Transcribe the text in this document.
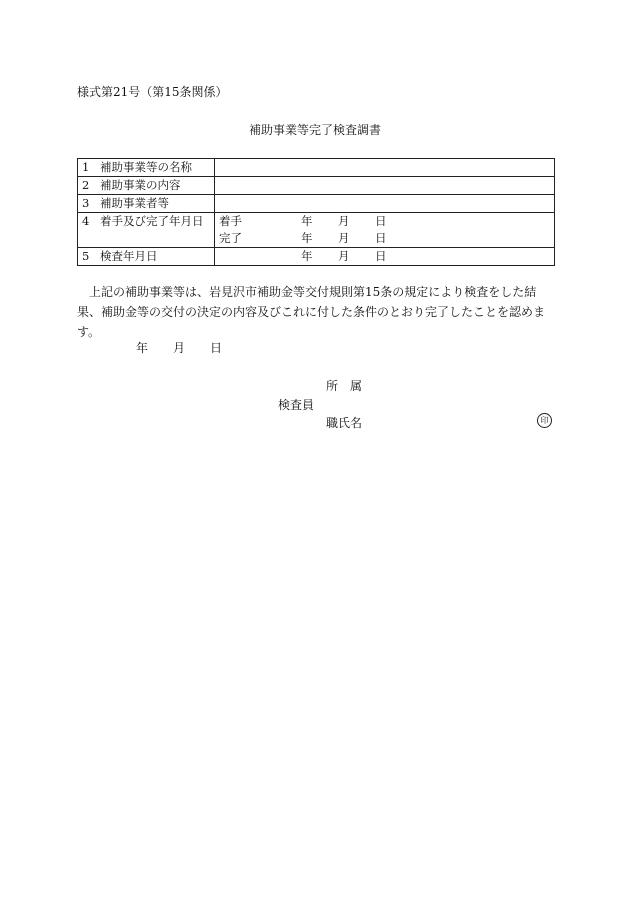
様式第21号（第15条関係）
補助事業等完了検査調書
1 補助事業等の名称	
2 補助事業の内容	
3 補助事業者等	
4 着手及び完了年月日	着手 年 月 日
完了 年 月 日

5 検査年月日	年 月 日
上記の補助事業等は、岩見沢市補助金等交付規則第15条の規定により検査をした結果、補助金等の交付の決定の内容及びこれに付した条件のとおり完了したことを認めます。
年 月 日
所　属
検査員
職氏名	印
